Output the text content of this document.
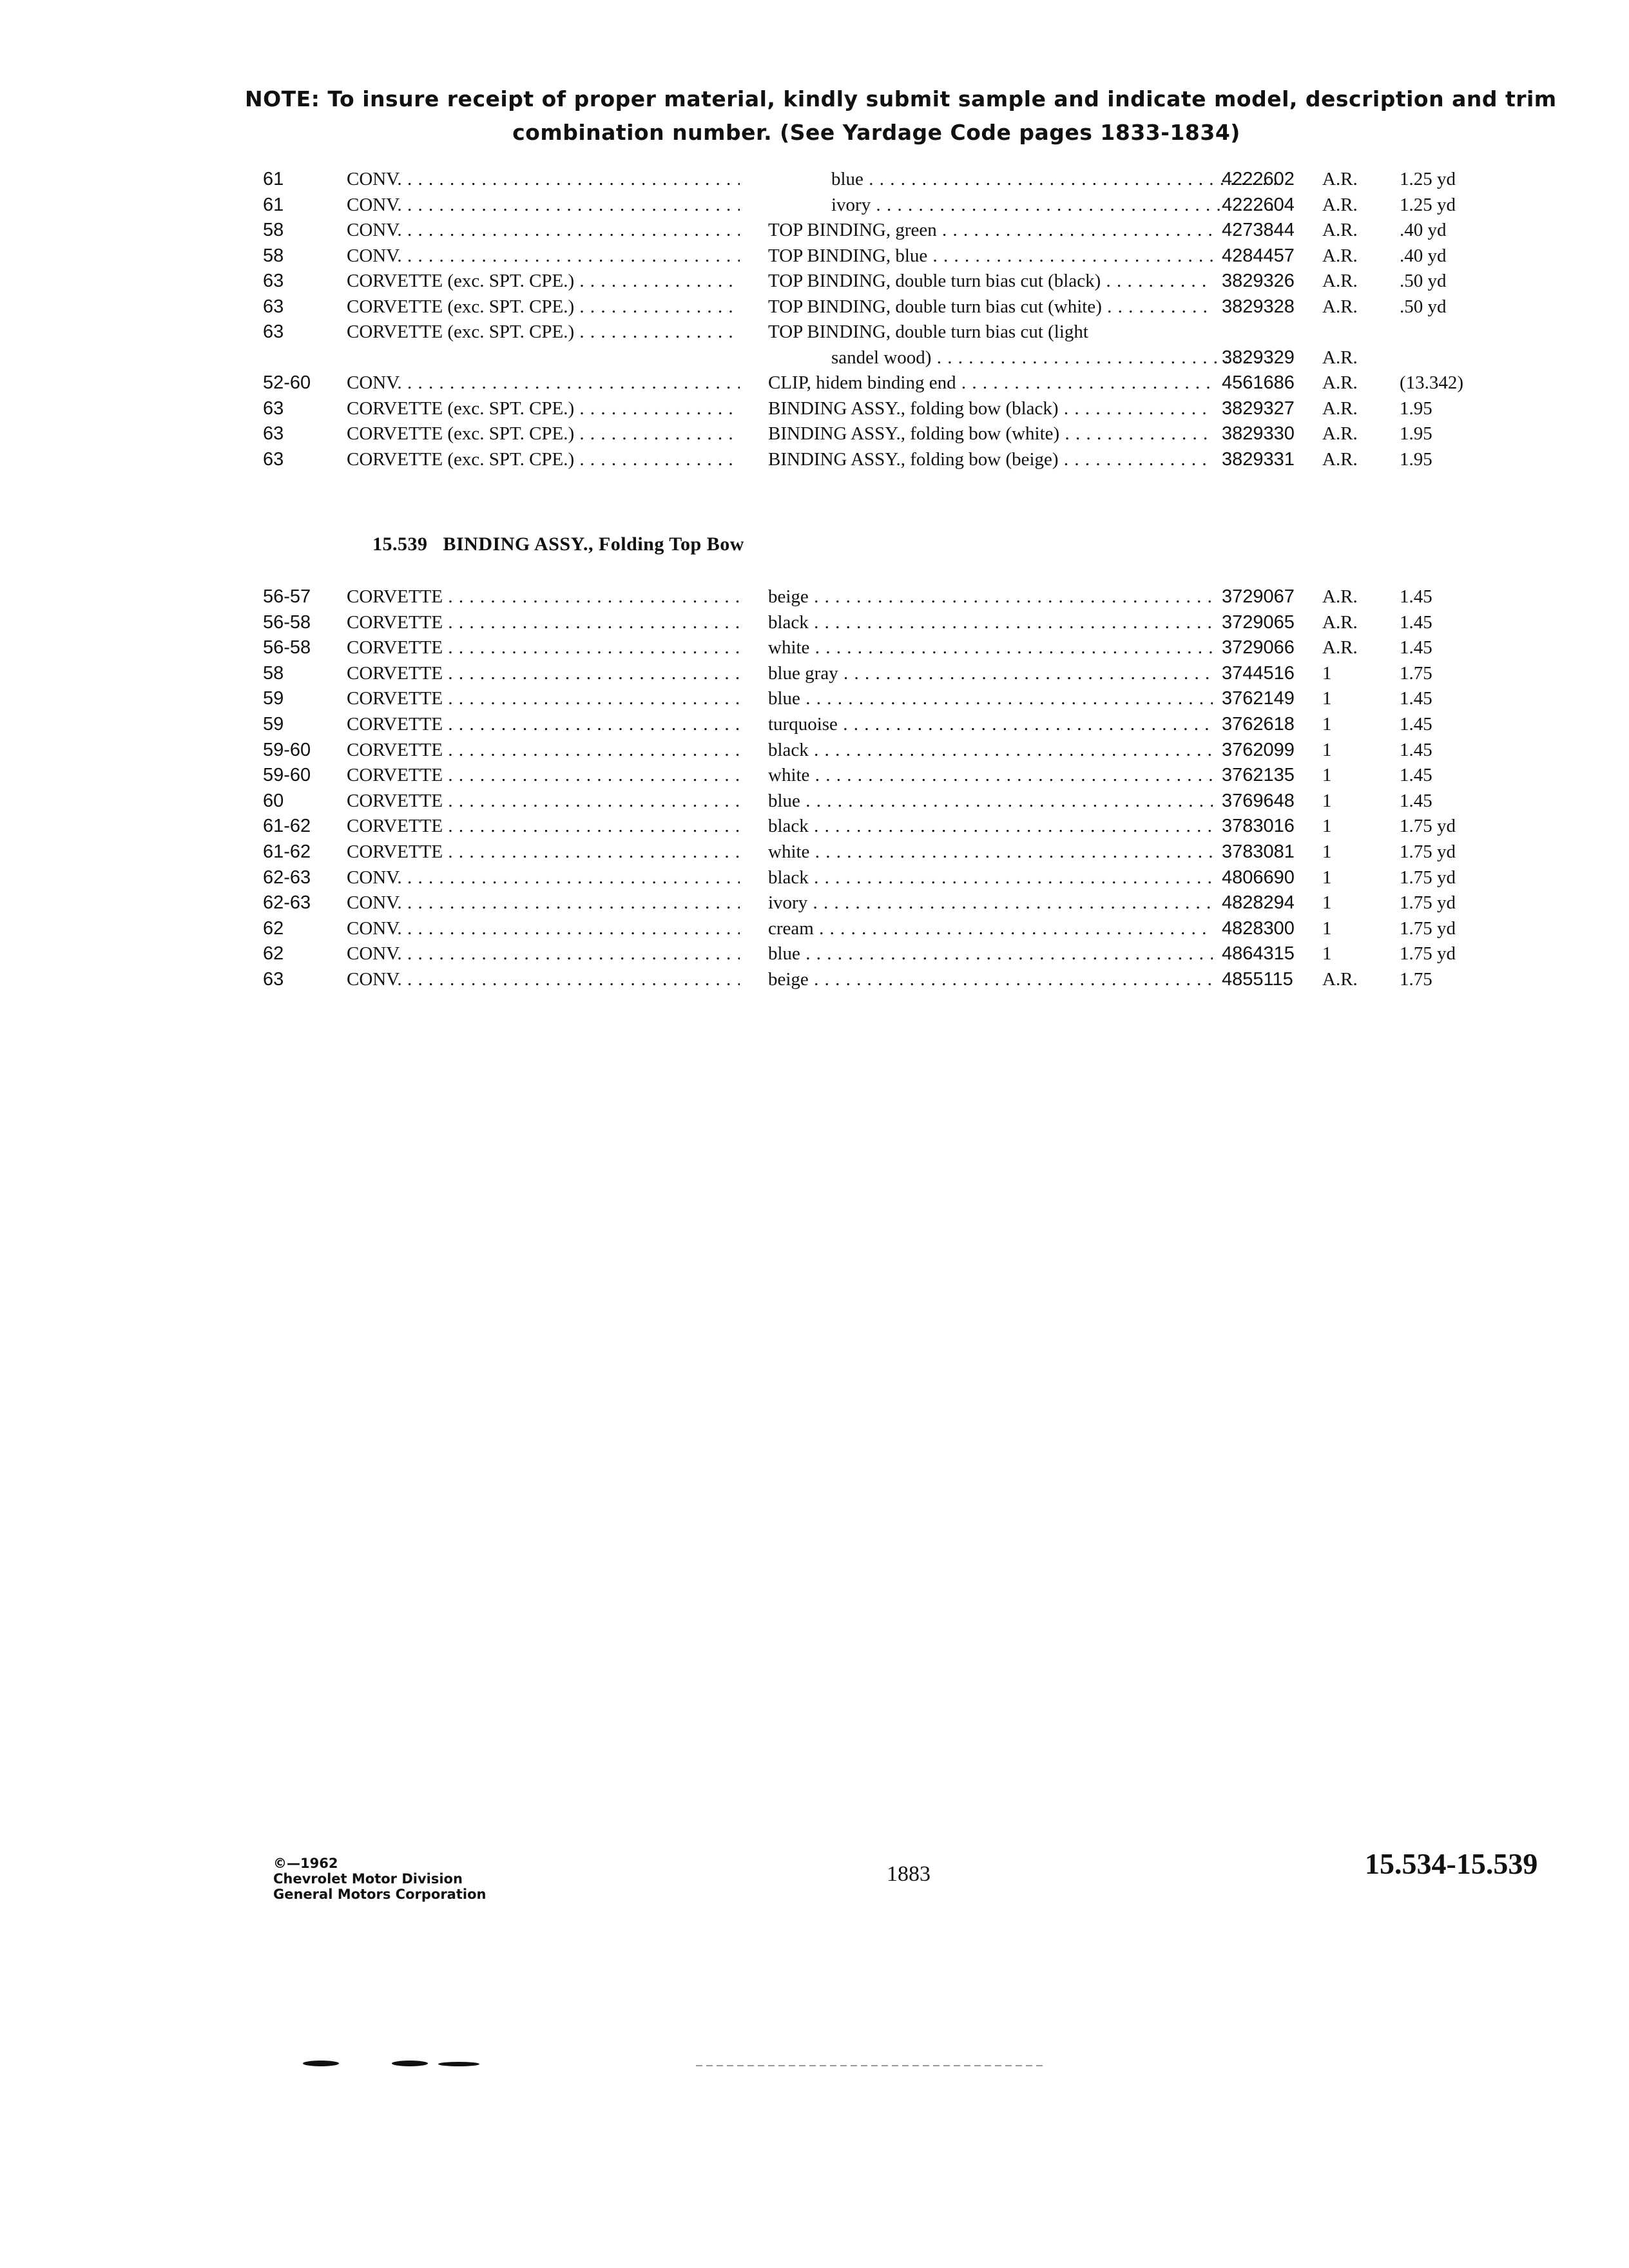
NOTE: To insure receipt of proper material, kindly submit sample and indicate model, description and trim
combination number. (See Yardage Code pages 1833-1834)
61	CONV. . . .	blue . . .	4222602 A.R. 1.25 yd
61	CONV. . . .	ivory . . .	4222604 A.R. 1.25 yd
58	CONV. . . .	TOP BINDING, green . . .	4273844 A.R. .40 yd
58	CONV. . . .	TOP BINDING, blue . . .	4284457 A.R. .40 yd
63	CORVETTE (exc. SPT. CPE.) . . .	TOP BINDING, double turn bias cut (black) . . .	3829326 A.R. .50 yd
63	CORVETTE (exc. SPT. CPE.) . . .	TOP BINDING, double turn bias cut (white) . . .	3829328 A.R. .50 yd
63	CORVETTE (exc. SPT. CPE.) . . .	TOP BINDING, double turn bias cut (light
sandel wood) . . .	3829329 A.R.
52-60 CONV. . . .	CLIP, hidem binding end . . .	4561686 A.R. (13.342)
63	CORVETTE (exc. SPT. CPE.) . . .	BINDING ASSY., folding bow (black) . . .	3829327 A.R. 1.95
63	CORVETTE (exc. SPT. CPE.) . . .	BINDING ASSY., folding bow (white) . . .	3829330 A.R. 1.95
63	CORVETTE (exc. SPT. CPE.) . . .	BINDING ASSY., folding bow (beige) . . .	3829331 A.R. 1.95
15.539 BINDING ASSY., Folding Top Bow
56-57 CORVETTE . . .	beige . . .	3729067 A.R. 1.45
56-58 CORVETTE . . .	black . . .	3729065 A.R. 1.45
56-58 CORVETTE . . .	white . . .	3729066 A.R. 1.45
58	CORVETTE . . .	blue gray . . .	3744516 1	1.75
59	CORVETTE . . .	blue . . .	3762149 1	1.45
59	CORVETTE . . .	turquoise . . .	3762618 1	1.45
59-60 CORVETTE . . .	black . . .	3762099 1	1.45
59-60 CORVETTE . . .	white . . .	3762135 1	1.45
60	CORVETTE . . .	blue . . .	3769648 1	1.45
61-62 CORVETTE . . .	black . . .	3783016 1	1.75 yd
61-62 CORVETTE . . .	white . . .	3783081 1	1.75 yd
62-63 CONV. . . .	black . . .	4806690 1	1.75 yd
62-63 CONV. . . .	ivory . . .	4828294 1	1.75 yd
62	CONV. . . .	cream . . .	4828300 1	1.75 yd
62	CONV. . . .	blue . . .	4864315 1	1.75 yd
63	CONV. . . .	beige . . .	4855115 A.R. 1.75
©—1962
Chevrolet Motor Division
General Motors Corporation
1883	15.534-15.539
